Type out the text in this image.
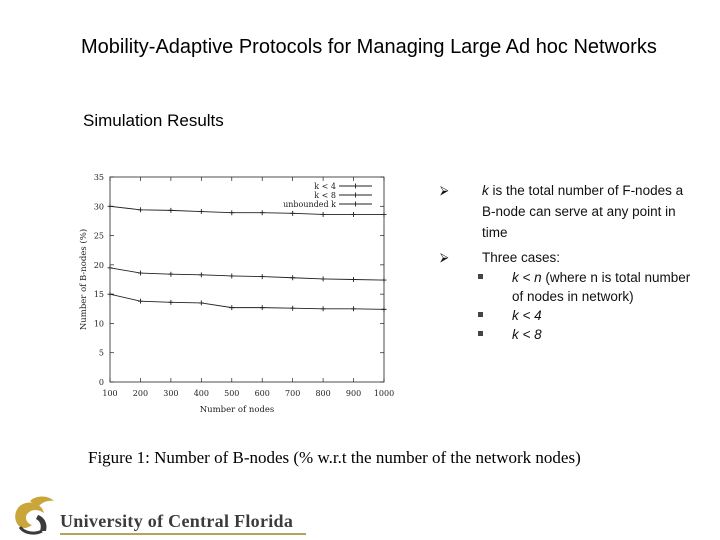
Mobility-Adaptive Protocols for Managing Large Ad hoc Networks
Simulation Results
0
5
10
15
20
25
30
35
100 200 300 400 500 600 700 800 900 1000
Number of nodes
Number of B-nodes (%)
k < 4
k < 8
unbounded k
⮚ k is the total number of F-nodes a B-node can serve at any point in time
⮚ Three cases:
k < n (where n is total number of nodes in network)
k < 4
k < 8
Figure 1: Number of B-nodes (% w.r.t the number of the network nodes)
University of Central Florida
